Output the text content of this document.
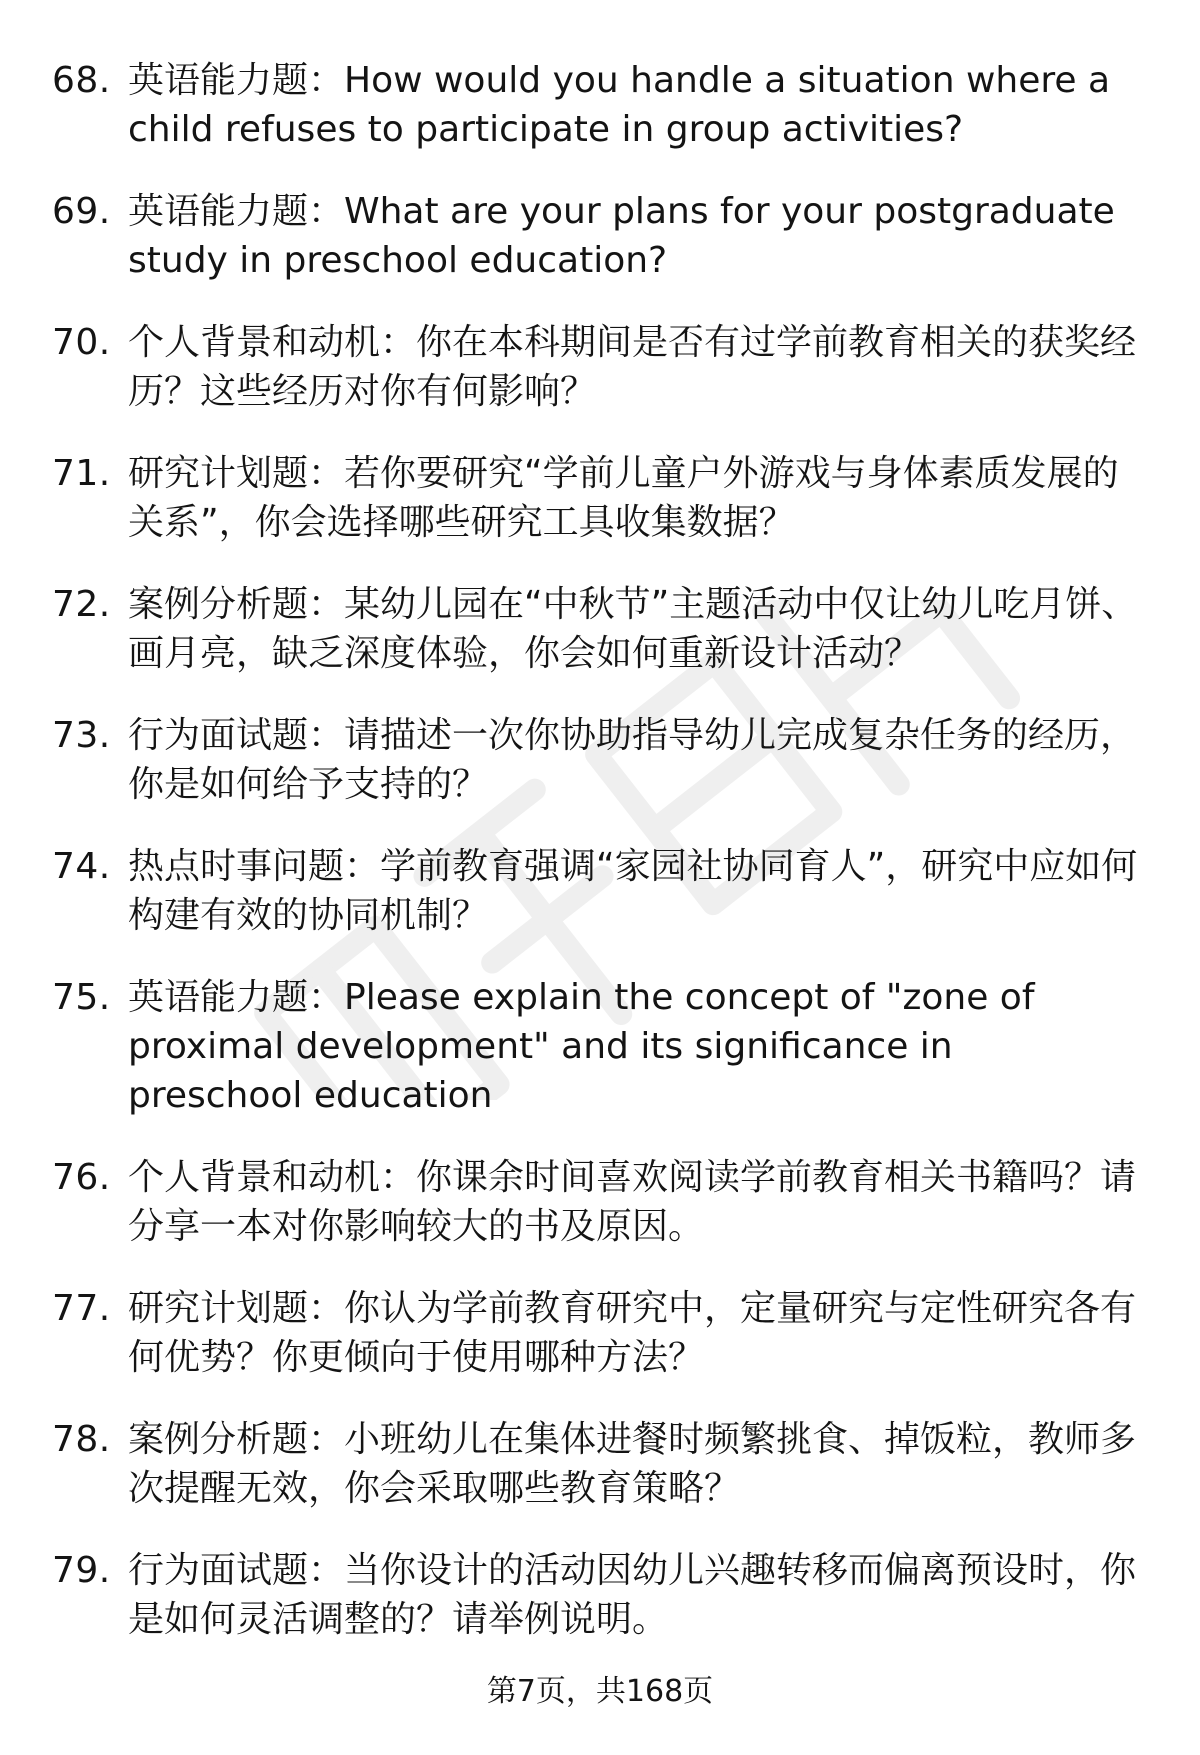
68. 英语能力题：How would you handle a situation where a child refuses to participate in group activities?
69. 英语能力题：What are your plans for your postgraduate study in preschool education?
70. 个人背景和动机：你在本科期间是否有过学前教育相关的获奖经历？这些经历对你有何影响？
71. 研究计划题：若你要研究“学前儿童户外游戏与身体素质发展的关系”，你会选择哪些研究工具收集数据？
72. 案例分析题：某幼儿园在“中秋节”主题活动中仅让幼儿吃月饼、画月亮，缺乏深度体验，你会如何重新设计活动？
73. 行为面试题：请描述一次你协助指导幼儿完成复杂任务的经历，你是如何给予支持的？
74. 热点时事问题：学前教育强调“家园社协同育人”，研究中应如何构建有效的协同机制？
75. 英语能力题：Please explain the concept of "zone of proximal development" and its significance in preschool education
76. 个人背景和动机：你课余时间喜欢阅读学前教育相关书籍吗？请分享一本对你影响较大的书及原因。
77. 研究计划题：你认为学前教育研究中，定量研究与定性研究各有何优势？你更倾向于使用哪种方法？
78. 案例分析题：小班幼儿在集体进餐时频繁挑食、掉饭粒，教师多次提醒无效，你会采取哪些教育策略？
79. 行为面试题：当你设计的活动因幼儿兴趣转移而偏离预设时，你是如何灵活调整的？请举例说明。
第7页，共168页
